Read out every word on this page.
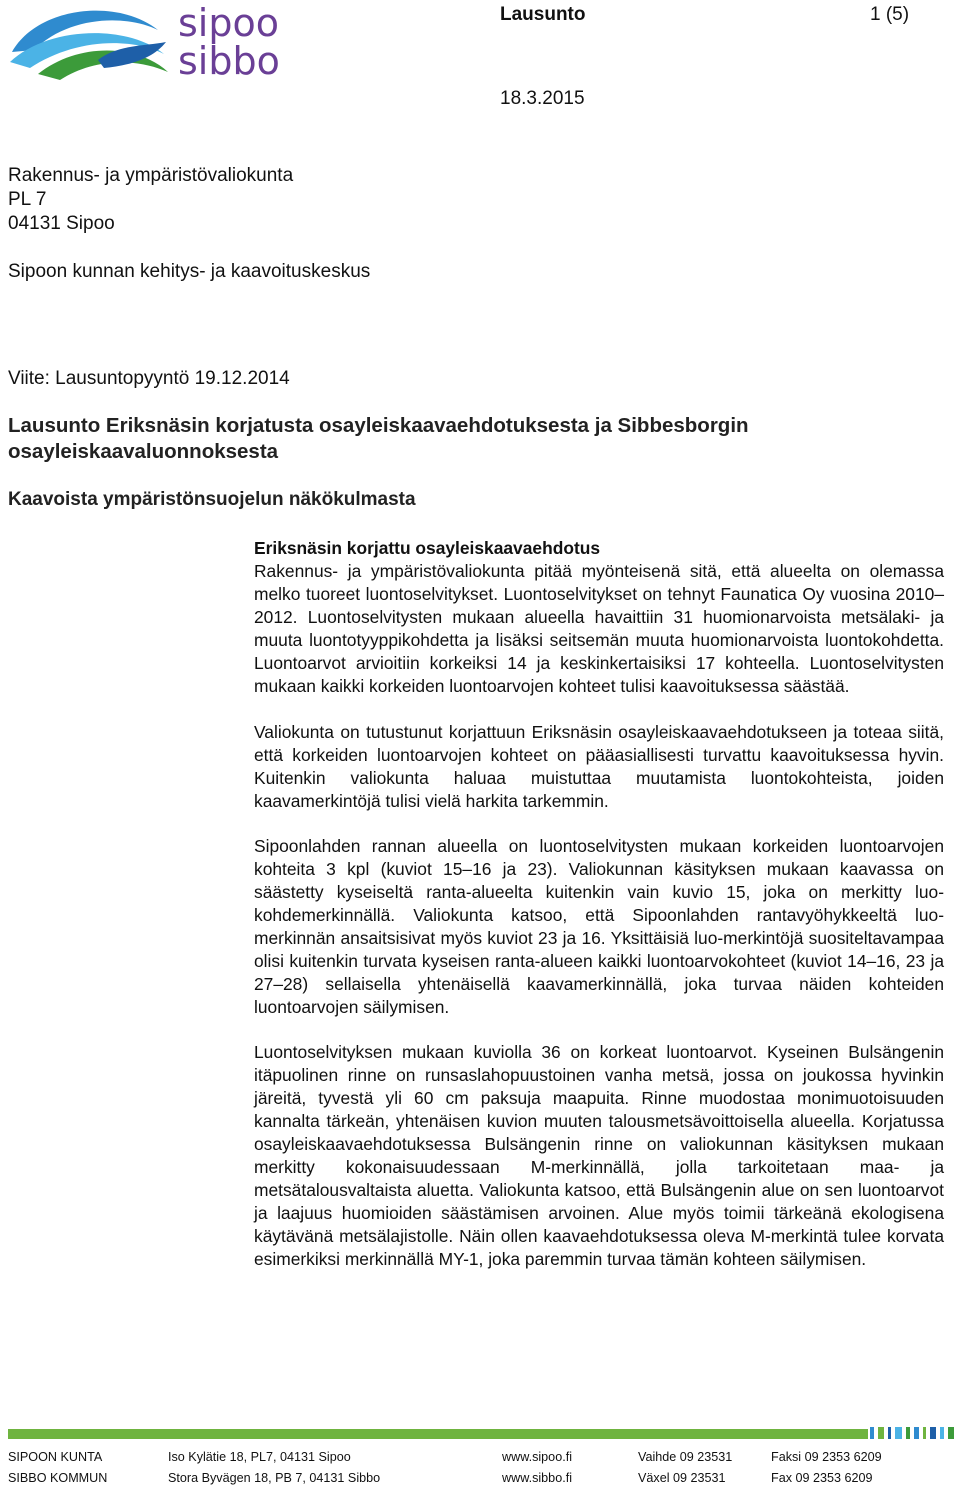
sipoo
sibbo
Lausunto	1 (5)
18.3.2015
Rakennus- ja ympäristövaliokunta
PL 7
04131 Sipoo
Sipoon kunnan kehitys- ja kaavoituskeskus
Viite: Lausuntopyyntö 19.12.2014
Lausunto Eriksnäsin korjatusta osayleiskaavaehdotuksesta ja Sibbesborgin
osayleiskaavaluonnoksesta
Kaavoista ympäristönsuojelun näkökulmasta
Eriksnäsin korjattu osayleiskaavaehdotus

Rakennus- ja ympäristövaliokunta pitää myönteisenä sitä, että alueelta on olemassa melko tuoreet luontoselvitykset. Luontoselvitykset on tehnyt Faunatica Oy vuosina 2010–2012. Luontoselvitysten mukaan alueella havaittiin 31 huomionarvoista metsälaki- ja muuta luontotyyppikohdetta ja lisäksi seitsemän muuta huomionarvoista luontokohdetta. Luontoarvot arvioitiin korkeiksi 14 ja keskinkertaisiksi 17 kohteella. Luontoselvitysten mukaan kaikki korkeiden luontoarvojen kohteet tulisi kaavoituksessa säästää.

Valiokunta on tutustunut korjattuun Eriksnäsin osayleiskaavaehdotukseen ja toteaa siitä, että korkeiden luontoarvojen kohteet on pääasiallisesti turvattu kaavoituksessa hyvin. Kuitenkin valiokunta haluaa muistuttaa muutamista luontokohteista, joiden kaavamerkintöjä tulisi vielä harkita tarkemmin.

Sipoonlahden rannan alueella on luontoselvitysten mukaan korkeiden luontoarvojen kohteita 3 kpl (kuviot 15–16 ja 23). Valiokunnan käsityksen mukaan kaavassa on säästetty kyseiseltä ranta-alueelta kuitenkin vain kuvio 15, joka on merkitty luo-kohdemerkinnällä. Valiokunta katsoo, että Sipoonlahden rantavyöhykkeeltä luo-merkinnän ansaitsisivat myös kuviot 23 ja 16. Yksittäisiä luo-merkintöjä suositeltavampaa olisi kuitenkin turvata kyseisen ranta-alueen kaikki luontoarvokohteet (kuviot 14–16, 23 ja 27–28) sellaisella yhtenäisellä kaavamerkinnällä, joka turvaa näiden kohteiden luontoarvojen säilymisen.

Luontoselvityksen mukaan kuviolla 36 on korkeat luontoarvot. Kyseinen Bulsängenin itäpuolinen rinne on runsaslahopuustoinen vanha metsä, jossa on joukossa hyvinkin järeitä, tyvestä yli 60 cm paksuja maapuita. Rinne muodostaa monimuotoisuuden kannalta tärkeän, yhtenäisen kuvion muuten talousmetsävoittoisella alueella. Korjatussa osayleiskaavaehdotuksessa Bulsängenin rinne on valiokunnan käsityksen mukaan merkitty kokonaisuudessaan M-merkinnällä, jolla tarkoitetaan maa- ja metsätalousvaltaista aluetta. Valiokunta katsoo, että Bulsängenin alue on sen luontoarvot ja laajuus huomioiden säästämisen arvoinen. Alue myös toimii tärkeänä ekologisena käytävänä metsälajistolle. Näin ollen kaavaehdotuksessa oleva M-merkintä tulee korvata esimerkiksi merkinnällä MY-1, joka paremmin turvaa tämän kohteen säilymisen.

SIPOON KUNTA	Iso Kylätie 18, PL7, 04131 Sipoo	www.sipoo.fi	Vaihde 09 23531	Faksi 09 2353 6209
SIBBO KOMMUN	Stora Byvägen 18, PB 7, 04131 Sibbo	www.sibbo.fi	Växel 09 23531	Fax 09 2353 6209
